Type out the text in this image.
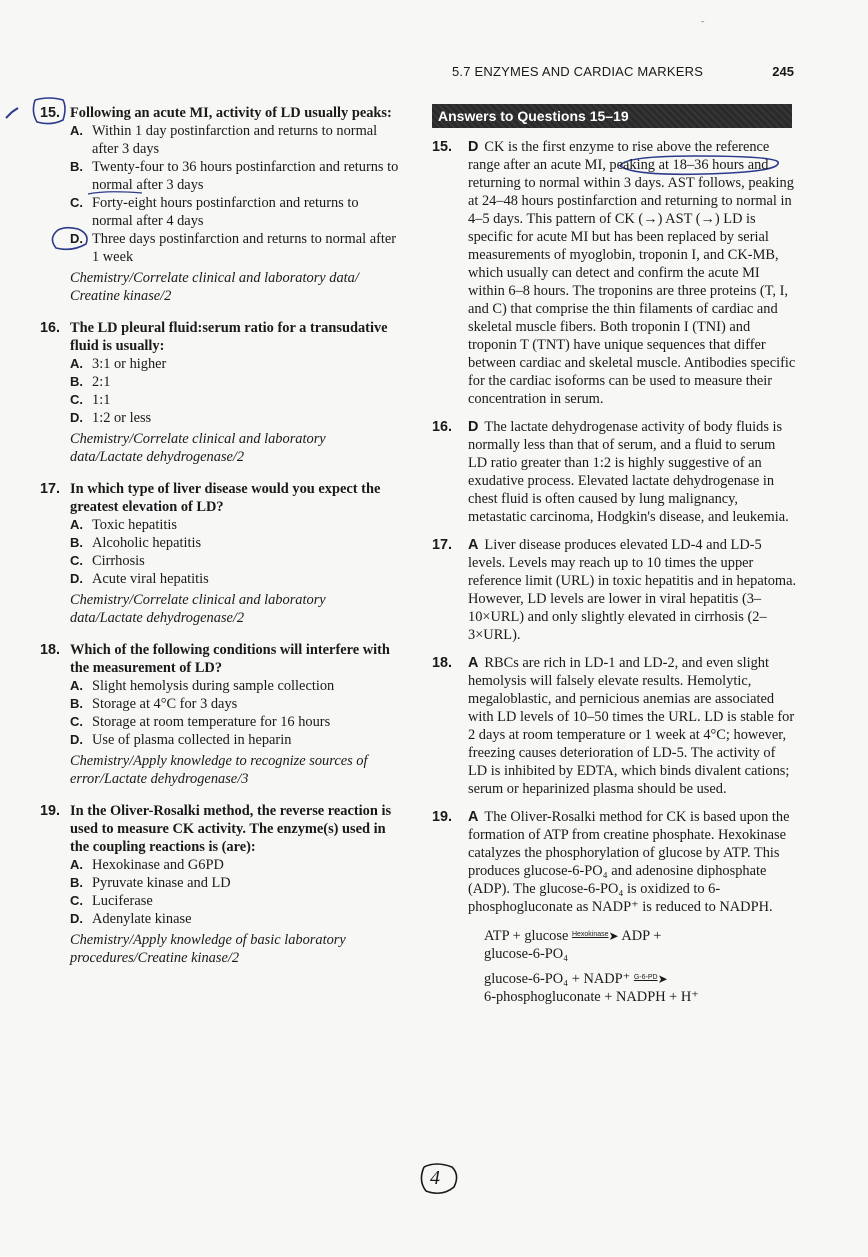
ˉ
5.7 ENZYMES AND CARDIAC MARKERS	245
15. Following an acute MI, activity of LD usually peaks:
A. Within 1 day postinfarction and returns to normal after 3 days
B. Twenty-four to 36 hours postinfarction and returns to normal after 3 days
C. Forty-eight hours postinfarction and returns to normal after 4 days
D. Three days postinfarction and returns to normal after 1 week
Chemistry/Correlate clinical and laboratory data/ Creatine kinase/2
16. The LD pleural fluid:serum ratio for a transudative fluid is usually:
A. 3:1 or higher
B. 2:1
C. 1:1
D. 1:2 or less
Chemistry/Correlate clinical and laboratory data/Lactate dehydrogenase/2
17. In which type of liver disease would you expect the greatest elevation of LD?
A. Toxic hepatitis
B. Alcoholic hepatitis
C. Cirrhosis
D. Acute viral hepatitis
Chemistry/Correlate clinical and laboratory data/Lactate dehydrogenase/2
18. Which of the following conditions will interfere with the measurement of LD?
A. Slight hemolysis during sample collection
B. Storage at 4°C for 3 days
C. Storage at room temperature for 16 hours
D. Use of plasma collected in heparin
Chemistry/Apply knowledge to recognize sources of error/Lactate dehydrogenase/3
19. In the Oliver-Rosalki method, the reverse reaction is used to measure CK activity. The enzyme(s) used in the coupling reactions is (are):
A. Hexokinase and G6PD
B. Pyruvate kinase and LD
C. Luciferase
D. Adenylate kinase
Chemistry/Apply knowledge of basic laboratory procedures/Creatine kinase/2
Answers to Questions 15–19
15. D CK is the first enzyme to rise above the reference range after an acute MI, peaking at 18–36 hours and returning to normal within 3 days. AST follows, peaking at 24–48 hours postinfarction and returning to normal in 4–5 days. This pattern of CK (→) AST (→) LD is specific for acute MI but has been replaced by serial measurements of myoglobin, troponin I, and CK-MB, which usually can detect and confirm the acute MI within 6–8 hours. The troponins are three proteins (T, I, and C) that comprise the thin filaments of cardiac and skeletal muscle fibers. Both troponin I (TNI) and troponin T (TNT) have unique sequences that differ between cardiac and skeletal muscle. Antibodies specific for the cardiac isoforms can be used to measure their concentration in serum.
16. D The lactate dehydrogenase activity of body fluids is normally less than that of serum, and a fluid to serum LD ratio greater than 1:2 is highly suggestive of an exudative process. Elevated lactate dehydrogenase in chest fluid is often caused by lung malignancy, metastatic carcinoma, Hodgkin's disease, and leukemia.
17. A Liver disease produces elevated LD-4 and LD-5 levels. Levels may reach up to 10 times the upper reference limit (URL) in toxic hepatitis and in hepatoma. However, LD levels are lower in viral hepatitis (3–10×URL) and only slightly elevated in cirrhosis (2–3×URL).
18. A RBCs are rich in LD-1 and LD-2, and even slight hemolysis will falsely elevate results. Hemolytic, megaloblastic, and pernicious anemias are associated with LD levels of 10–50 times the URL. LD is stable for 2 days at room temperature or 1 week at 4°C; however, freezing causes deterioration of LD-5. The activity of LD is inhibited by EDTA, which binds divalent cations; serum or heparinized plasma should be used.
19. A The Oliver-Rosalki method for CK is based upon the formation of ATP from creatine phosphate. Hexokinase catalyzes the phosphorylation of glucose by ATP. This produces glucose-6-PO₄ and adenosine diphosphate (ADP). The glucose-6-PO₄ is oxidized to 6-phosphogluconate as NADP⁺ is reduced to NADPH.
ATP + glucose $^{Hexokinase}$➤ ADP +
glucose-6-PO₄
glucose-6-PO₄ + NADP⁺ $^{G-6-PD}$➤
6-phosphogluconate + NADPH + H⁺
4
